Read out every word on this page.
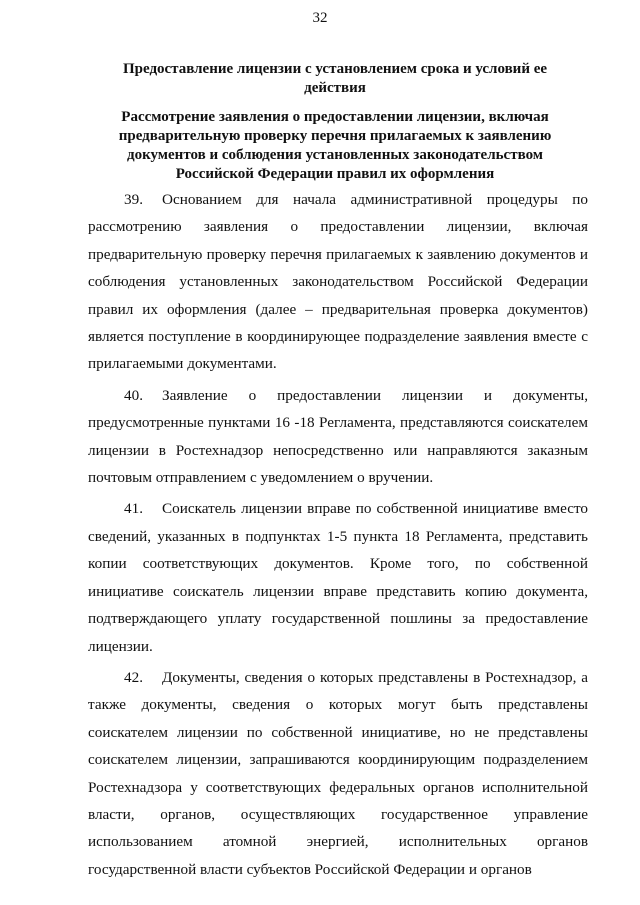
32

Предоставление лицензии с установлением срока и условий ее действия

Рассмотрение заявления о предоставлении лицензии, включая предварительную проверку перечня прилагаемых к заявлению документов и соблюдения установленных законодательством Российской Федерации правил их оформления

39. Основанием для начала административной процедуры по рассмотрению заявления о предоставлении лицензии, включая предварительную проверку перечня прилагаемых к заявлению документов и соблюдения установленных законодательством Российской Федерации правил их оформления (далее – предварительная проверка документов) является поступление в координирующее подразделение заявления вместе с прилагаемыми документами.

40. Заявление о предоставлении лицензии и документы, предусмотренные пунктами 16 -18 Регламента, представляются соискателем лицензии в Ростехнадзор непосредственно или направляются заказным почтовым отправлением с уведомлением о вручении.

41. Соискатель лицензии вправе по собственной инициативе вместо сведений, указанных в подпунктах 1-5 пункта 18 Регламента, представить копии соответствующих документов. Кроме того, по собственной инициативе соискатель лицензии вправе представить копию документа, подтверждающего уплату государственной пошлины за предоставление лицензии.

42. Документы, сведения о которых представлены в Ростехнадзор, а также документы, сведения о которых могут быть представлены соискателем лицензии по собственной инициативе, но не представлены соискателем лицензии, запрашиваются координирующим подразделением Ростехнадзора у соответствующих федеральных органов исполнительной власти, органов, осуществляющих государственное управление использованием атомной энергией, исполнительных органов государственной власти субъектов Российской Федерации и органов
